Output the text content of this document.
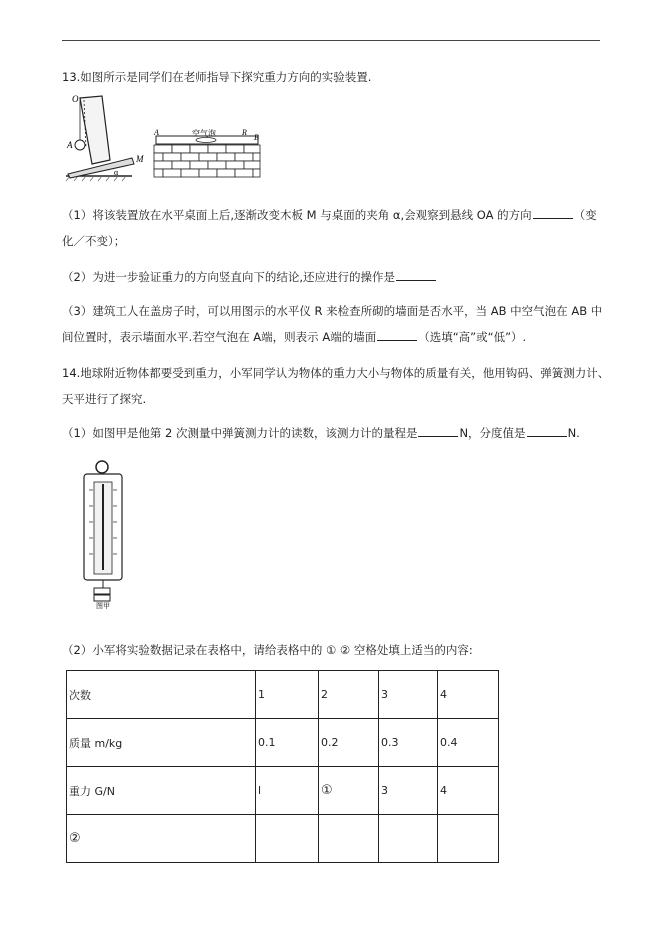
13.如图所示是同学们在老师指导下探究重力方向的实验装置.
O
A
M
α
空气泡
A	R
B
（1）将该装置放在水平桌面上后,逐渐改变木板 M 与桌面的夹角 α,会观察到悬线 OA 的方向	（变
化／不变）；
（2）为进一步验证重力的方向竖直向下的结论,还应进行的操作是
（3）建筑工人在盖房子时，可以用图示的水平仪 R 来检查所砌的墙面是否水平，当 AB 中空气泡在 AB 中
间位置时，表示墙面水平.若空气泡在 A端，则表示 A端的墙面	（选填“高”或“低”）.
14.地球附近物体都要受到重力，小军同学认为物体的重力大小与物体的质量有关，他用钩码、弹簧测力计、
天平进行了探究.
（1）如图甲是他第 2 次测量中弹簧测力计的读数，该测力计的量程是	N，分度值是	N.
图甲
（2）小军将实验数据记录在表格中，请给表格中的 ① ② 空格处填上适当的内容:
次数	1	2	3	4
质量 m/kg	0.1	0.2	0.3	0.4
重力 G/N	l	①	3	4
②				
